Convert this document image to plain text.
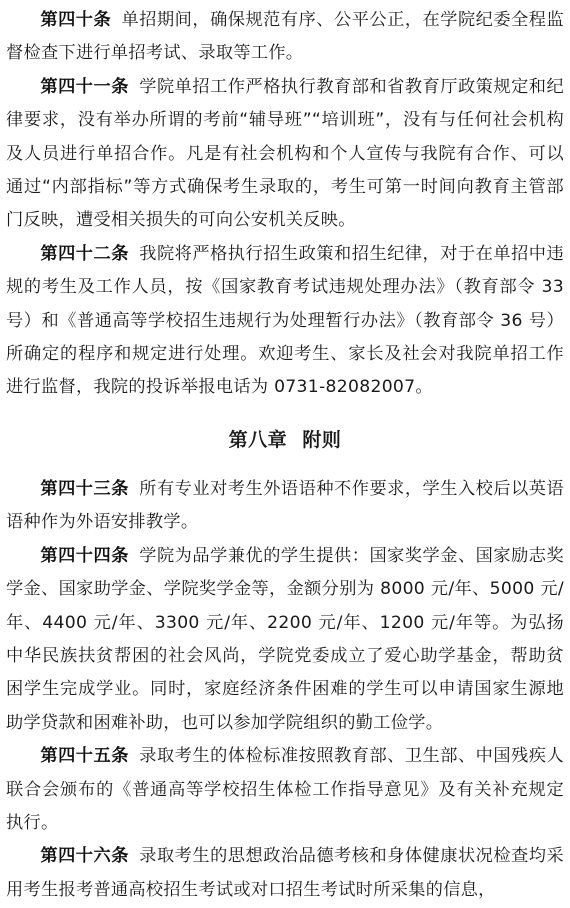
第四十条 单招期间，确保规范有序、公平公正，在学院纪委全程监督检查下进行单招考试、录取等工作。

第四十一条 学院单招工作严格执行教育部和省教育厅政策规定和纪律要求，没有举办所谓的考前“辅导班”“培训班”，没有与任何社会机构及人员进行单招合作。凡是有社会机构和个人宣传与我院有合作、可以通过“内部指标”等方式确保考生录取的，考生可第一时间向教育主管部门反映，遭受相关损失的可向公安机关反映。

第四十二条 我院将严格执行招生政策和招生纪律，对于在单招中违规的考生及工作人员，按《国家教育考试违规处理办法》（教育部令 33 号）和《普通高等学校招生违规行为处理暂行办法》（教育部令 36 号）所确定的程序和规定进行处理。欢迎考生、家长及社会对我院单招工作进行监督，我院的投诉举报电话为 0731-82082007。

第八章 附则

第四十三条 所有专业对考生外语语种不作要求，学生入校后以英语语种作为外语安排教学。

第四十四条 学院为品学兼优的学生提供：国家奖学金、国家励志奖学金、国家助学金、学院奖学金等，金额分别为 8000 元/年、5000 元/年、4400 元/年、3300 元/年、2200 元/年、1200 元/年等。为弘扬中华民族扶贫帮困的社会风尚，学院党委成立了爱心助学基金，帮助贫困学生完成学业。同时，家庭经济条件困难的学生可以申请国家生源地助学贷款和困难补助，也可以参加学院组织的勤工俭学。

第四十五条 录取考生的体检标准按照教育部、卫生部、中国残疾人联合会颁布的《普通高等学校招生体检工作指导意见》及有关补充规定执行。

第四十六条 录取考生的思想政治品德考核和身体健康状况检查均采用考生报考普通高校招生考试或对口招生考试时所采集的信息，
